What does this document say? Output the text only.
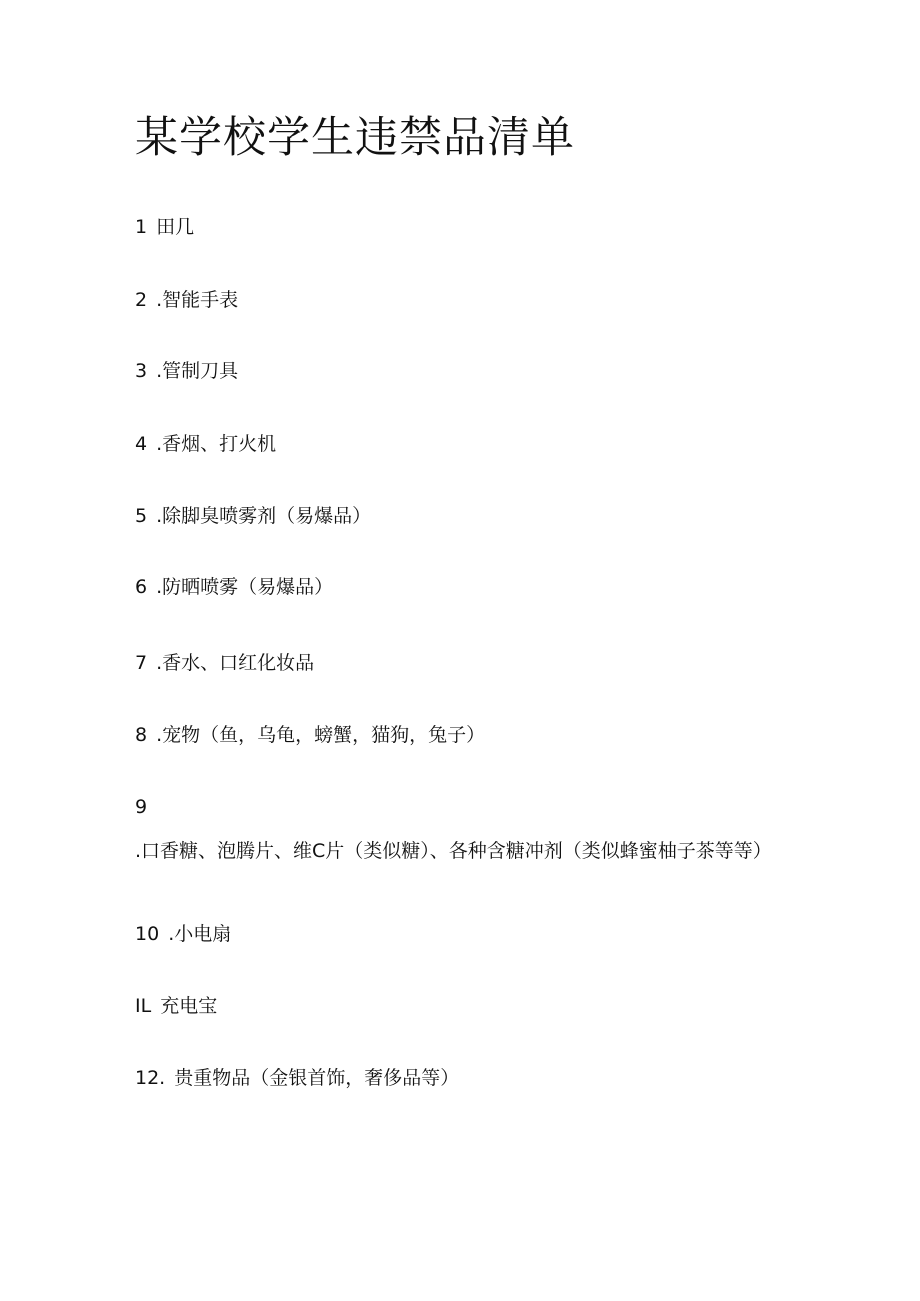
某学校学生违禁品清单
1 田几
2 .智能手表
3 .管制刀具
4 .香烟、打火机
5 .除脚臭喷雾剂（易爆品）
6 .防晒喷雾（易爆品）
7 .香水、口红化妆品
8 .宠物（鱼，乌龟，螃蟹，猫狗，兔子）
9.口香糖、泡腾片、维C片（类似糖）、各种含糖冲剂（类似蜂蜜柚子茶等等）
10 .小电扇
IL 充电宝
12. 贵重物品（金银首饰，奢侈品等）
